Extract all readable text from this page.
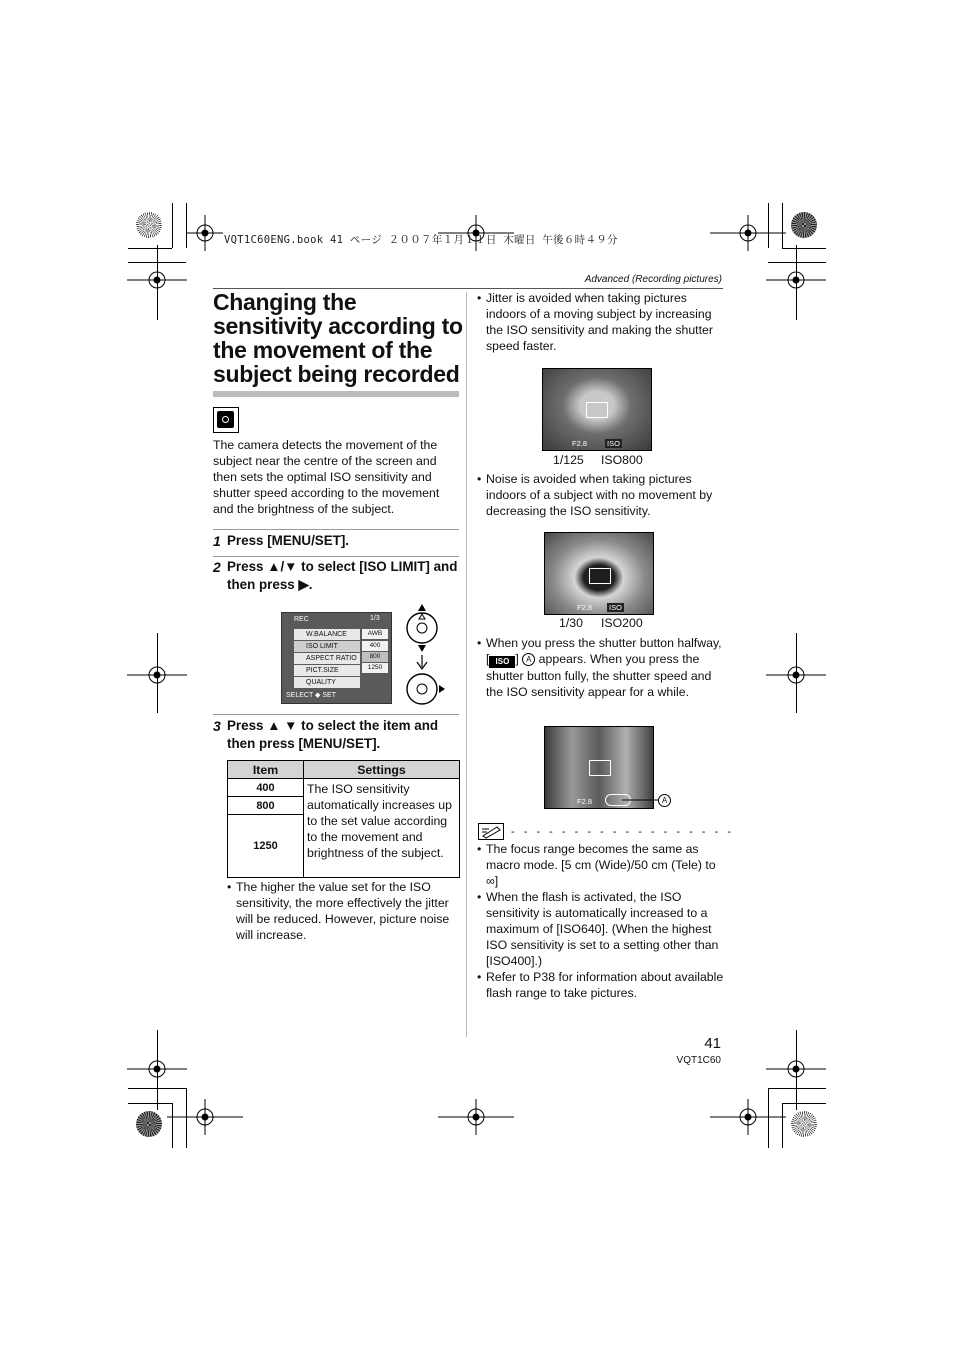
VQT1C60ENG.book 41 ページ ２００７年１月１１日 木曜日 午後６時４９分
Advanced (Recording pictures)
Changing the sensitivity according to the movement of the subject being recorded
The camera detects the movement of the subject near the centre of the screen and then sets the optimal ISO sensitivity and shutter speed according to the movement and the brightness of the subject.
1 Press [MENU/SET].
2 Press ▲/▼ to select [ISO LIMIT] and then press ▶.
REC	1/3
W.BALANCE
ISO LIMIT
ASPECT RATIO
PICT.SIZE
QUALITY
AWB
400
800
1250
SELECT ◆ SET
3 Press ▲ ▼ to select the item and then press [MENU/SET].
Item	Settings
400	The ISO sensitivity automatically increases up to the set value according to the movement and brightness of the subject.
800	
1250	
• The higher the value set for the ISO sensitivity, the more effectively the jitter will be reduced. However, picture noise will increase.
• Jitter is avoided when taking pictures indoors of a moving subject by increasing the ISO sensitivity and making the shutter speed faster.
F2.8	ISO
1/125 ISO800
• Noise is avoided when taking pictures indoors of a subject with no movement by decreasing the ISO sensitivity.
F2.8 ISO
1/30 ISO200
• When you press the shutter button halfway, [ ISO ] A appears. When you press the shutter button fully, the shutter speed and the ISO sensitivity appear for a while.
F2.8	A
- - - - - - - - - - - - - - - - - -
• The focus range becomes the same as macro mode. [5 cm (Wide)/50 cm (Tele) to ∞]
• When the flash is activated, the ISO sensitivity is automatically increased to a maximum of [ISO640]. (When the highest ISO sensitivity is set to a setting other than [ISO400].)
• Refer to P38 for information about available flash range to take pictures.
41
VQT1C60
